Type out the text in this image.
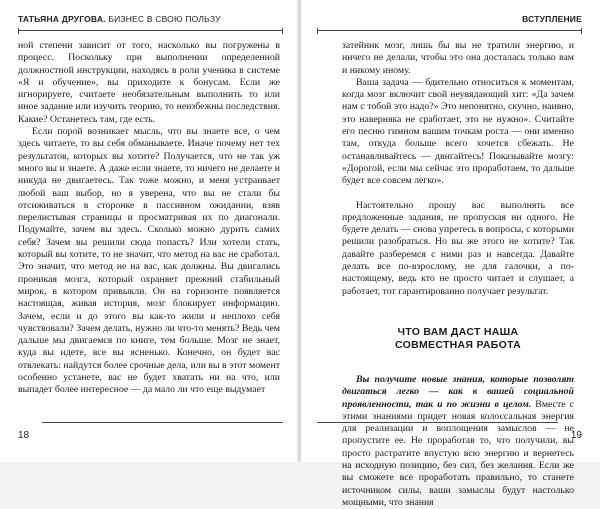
ТАТЬЯНА ДРУГОВА. БИЗНЕС В СВОЮ ПОЛЬЗУ

ной степени зависит от того, насколько вы погружены в процесс. Поскольку при выполнении определенной должностной инструкции, находясь в роли ученика в системе «Я и обучение», вы приходите к бонусам. Если же игнорируете, считаете необязательным выполнить то или иное задание или изучить теорию, то неизбежны последствия. Какие? Останетесь там, где есть.

Если порой возникает мысль, что вы знаете все, о чем здесь читаете, то вы себя обманываете. Иначе почему нет тех результатов, которых вы хотите? Получается, что не так уж много вы и знаете. А даже если знаете, то ничего не делаете и никуда не двигаетесь. Так тоже можно, и меня устраивает любой ваш выбор, но я уверена, что вы не стали бы отсиживаться в сторонке в пассивном ожидании, взяв перелистывая страницы и просматривая их по диагонали. Подумайте, зачем вы здесь. Сколько можно дурить самих себя? Зачем вы решили сюда попасть? Или хотели стать, который вы хотите, то не значит, что метод на вас не сработал. Это значит, что метод не на вас, как должны. Вы двигались проникая мозга, который охраняет прежний стабильный мирок, в котором привыкли. Он на горизонте появляется настоящая, живая история, мозг блокирует информацию. Зачем, если и до этого вы как-то жили и неплохо себя чувствовали? Зачем делать, нужно ли что-то менять? Ведь чем дальше мы двигаемся по книге, тем больше. Мозг не знает, куда вы идете, все вы ясненько. Конечно, он будет вас отвлекать: найдутся более срочные дела, или вы в этот момент особенно устанете, вас не будет хватать ни на что, или выпадет более интересное — да мало ли что еще выдумает

18
ВСТУПЛЕНИЕ

затейник мозг, лишь бы вы не тратили энергию, и ничего не делали, чтобы это она досталась только вам и никому иному.

Ваша задача — бдительно относиться к моментам, когда мозг включит свой неувядающий хит: «Да зачем нам с тобой это надо?» Это непонятно, скучно, наивно, это наверняка не сработает, это не нужно». Считайте его песню гимном вашим точкам роста — они именно там, откуда больше всего хочется сбежать. Не останавливайтесь — двигайтесь! Показывайте мозгу: «Дорогой, если мы сейчас это проработаем, то дальше будет все совсем легко».

Настоятельно прошу вас выполнять все предложенные задания, не пропуская ни одного. Не будете делать — снова упретесь в вопросы, с которыми решили разобраться. Но вы же этого не хотите? Так давайте разберемся с ними раз и навсегда. Давайте делать все по-взрослому, не для галочки, а по-настоящему, ведь кто не просто читает и слушает, а работает, тот гарантированно получает результат.

ЧТО ВАМ ДАСТ НАША
СОВМЕСТНАЯ РАБОТА

Вы получите новые знания, которые позволят двигаться легко — как в вашей социальной проявленности, так и по жизни в целом. Вместе с этими знаниями придет новая колоссальная энергия для реализации и воплощения замыслов — не пропустите ее. Не проработав то, что получили, вы просто растратите впустую всю энергию и вернетесь на исходную позицию, без сил, без желания. Если же вы сможете все проработать правильно, то станете источником силы, ваши замыслы будут настолько мощными, что знания

19
